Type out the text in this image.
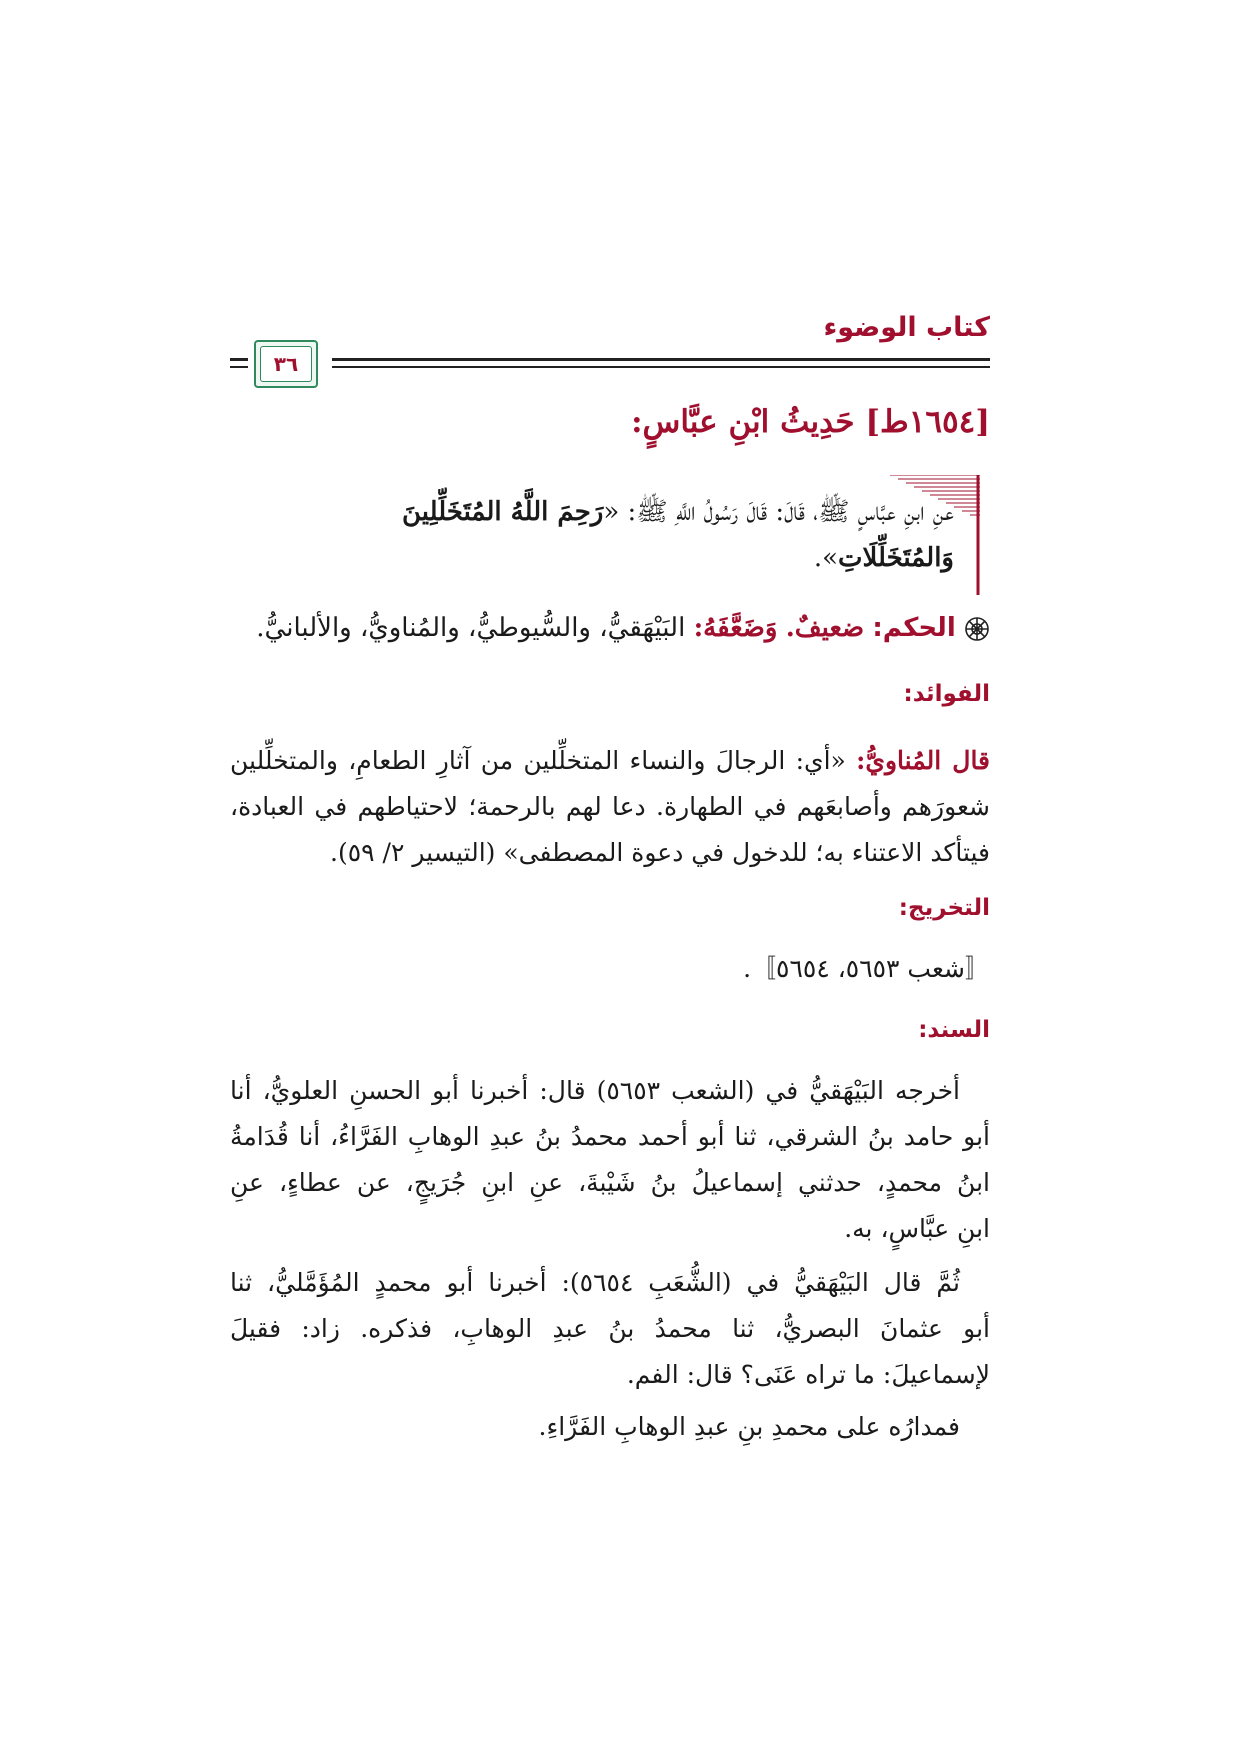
كتاب الوضوء
٣٦
[١٦٥٤ط] حَدِيثُ ابْنِ عبَّاسٍ:
عنِ ابنِ عبَّاسٍ ﷺ، قَالَ: قَالَ رَسُولُ اللَّهِ ﷺ: «رَحِمَ اللَّهُ المُتَخَلِّلِينَ
وَالمُتَخَلِّلَاتِ».
الحكم: ضعيفٌ. وَضَعَّفَهُ: البَيْهَقيُّ، والسُّيوطيُّ، والمُناويُّ، والألبانيُّ.
الفوائد:
قال المُناويُّ: «أي: الرجالَ والنساء المتخلِّلين من آثارِ الطعامِ، والمتخلِّلين
شعورَهم وأصابعَهم في الطهارة. دعا لهم بالرحمة؛ لاحتياطهم في العبادة،
فيتأكد الاعتناء به؛ للدخول في دعوة المصطفى» (التيسير ٢/ ٥٩).
التخريج:
〚شعب ٥٦٥٣، ٥٦٥٤〛.
السند:
أخرجه البَيْهَقيُّ في (الشعب ٥٦٥٣) قال: أخبرنا أبو الحسنِ العلويُّ، أنا
أبو حامد بنُ الشرقي، ثنا أبو أحمد محمدُ بنُ عبدِ الوهابِ الفَرَّاءُ، أنا قُدَامةُ
ابنُ محمدٍ، حدثني إسماعيلُ بنُ شَيْبةَ، عنِ ابنِ جُرَيجٍ، عن عطاءٍ، عنِ
ابنِ عبَّاسٍ، به.
ثُمَّ قال البَيْهَقيُّ في (الشُّعَبِ ٥٦٥٤): أخبرنا أبو محمدٍ المُؤَمَّليُّ، ثنا
أبو عثمانَ البصريُّ، ثنا محمدُ بنُ عبدِ الوهابِ، فذكره. زاد: فقيلَ
لإسماعيلَ: ما تراه عَنَى؟ قال: الفم.
فمدارُه على محمدِ بنِ عبدِ الوهابِ الفَرَّاءِ.
